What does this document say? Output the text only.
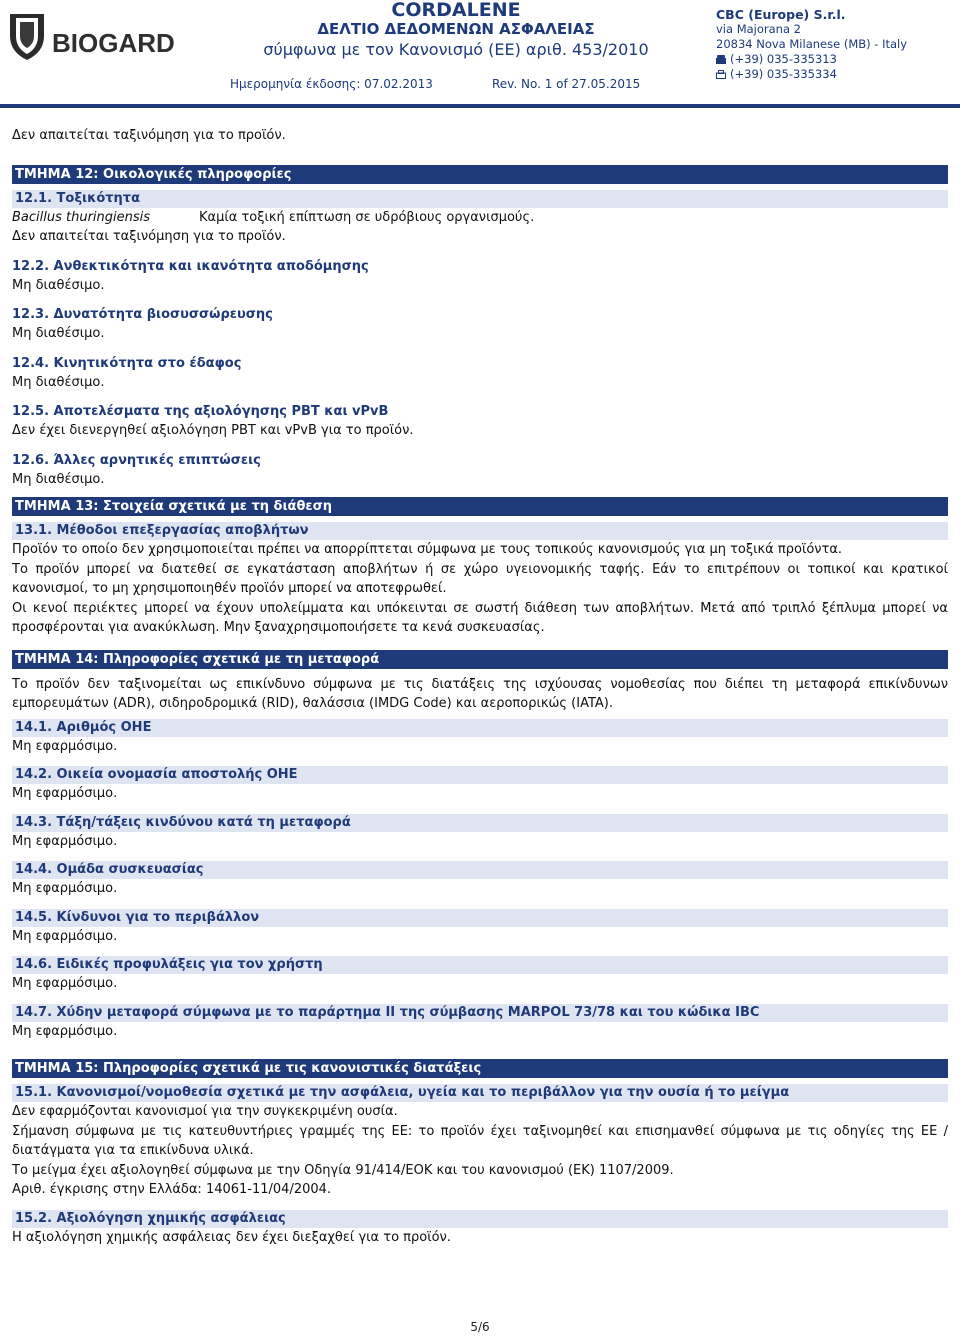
BIOGARD
CORDALENE
ΔΕΛΤΙΟ ΔΕΔΟΜΕΝΩΝ ΑΣΦΑΛΕΙΑΣ
σύμφωνα με τον Κανονισμό (ΕΕ) αριθ. 453/2010
CBC (Europe) S.r.l.
via Majorana 2
20834 Nova Milanese (MB) - Italy
(+39) 035-335313
(+39) 035-335334
Ημερομηνία έκδοσης: 07.02.2013	Rev. No. 1 of 27.05.2015

Δεν απαιτείται ταξινόμηση για το προϊόν.

ΤΜΗΜΑ 12: Οικολογικές πληροφορίες
12.1. Τοξικότητα
Bacillus thuringiensis	Καμία τοξική επίπτωση σε υδρόβιους οργανισμούς.

Δεν απαιτείται ταξινόμηση για το προϊόν.

12.2. Ανθεκτικότητα και ικανότητα αποδόμησης

Μη διαθέσιμο.

12.3. Δυνατότητα βιοσυσσώρευσης

Μη διαθέσιμο.

12.4. Κινητικότητα στο έδαφος

Μη διαθέσιμο.

12.5. Αποτελέσματα της αξιολόγησης PBT και vPvB

Δεν έχει διενεργηθεί αξιολόγηση PBT και vPvB για το προϊόν.

12.6. Άλλες αρνητικές επιπτώσεις

Μη διαθέσιμο.

ΤΜΗΜΑ 13: Στοιχεία σχετικά με τη διάθεση
13.1. Μέθοδοι επεξεργασίας αποβλήτων

Προϊόν το οποίο δεν χρησιμοποιείται πρέπει να απορρίπτεται σύμφωνα με τους τοπικούς κανονισμούς για μη τοξικά προϊόντα.

Το προϊόν μπορεί να διατεθεί σε εγκατάσταση αποβλήτων ή σε χώρο υγειονομικής ταφής. Εάν το επιτρέπουν οι τοπικοί και κρατικοί κανονισμοί, το μη χρησιμοποιηθέν προϊόν μπορεί να αποτεφρωθεί.

Οι κενοί περιέκτες μπορεί να έχουν υπολείμματα και υπόκεινται σε σωστή διάθεση των αποβλήτων. Μετά από τριπλό ξέπλυμα μπορεί να προσφέρονται για ανακύκλωση. Μην ξαναχρησιμοποιήσετε τα κενά συσκευασίας.

ΤΜΗΜΑ 14: Πληροφορίες σχετικά με τη μεταφορά

Το προϊόν δεν ταξινομείται ως επικίνδυνο σύμφωνα με τις διατάξεις της ισχύουσας νομοθεσίας που διέπει τη μεταφορά επικίνδυνων εμπορευμάτων (ADR), σιδηροδρομικά (RID), θαλάσσια (IMDG Code) και αεροπορικώς (IATA).

14.1. Αριθμός ΟΗΕ

Μη εφαρμόσιμο.

14.2. Οικεία ονομασία αποστολής ΟΗΕ

Μη εφαρμόσιμο.

14.3. Τάξη/τάξεις κινδύνου κατά τη μεταφορά

Μη εφαρμόσιμο.

14.4. Ομάδα συσκευασίας

Μη εφαρμόσιμο.

14.5. Κίνδυνοι για το περιβάλλον

Μη εφαρμόσιμο.

14.6. Ειδικές προφυλάξεις για τον χρήστη

Μη εφαρμόσιμο.

14.7. Χύδην μεταφορά σύμφωνα με το παράρτημα II της σύμβασης MARPOL 73/78 και του κώδικα IBC

Μη εφαρμόσιμο.

ΤΜΗΜΑ 15: Πληροφορίες σχετικά με τις κανονιστικές διατάξεις
15.1. Κανονισμοί/νομοθεσία σχετικά με την ασφάλεια, υγεία και το περιβάλλον για την ουσία ή το μείγμα

Δεν εφαρμόζονται κανονισμοί για την συγκεκριμένη ουσία.

Σήμανση σύμφωνα με τις κατευθυντήριες γραμμές της ΕΕ: το προϊόν έχει ταξινομηθεί και επισημανθεί σύμφωνα με τις οδηγίες της ΕΕ / διατάγματα για τα επικίνδυνα υλικά.

Το μείγμα έχει αξιολογηθεί σύμφωνα με την Οδηγία 91/414/ΕΟΚ και του κανονισμού (ΕΚ) 1107/2009.

Αριθ. έγκρισης στην Ελλάδα: 14061-11/04/2004.

15.2. Αξιολόγηση χημικής ασφάλειας

Η αξιολόγηση χημικής ασφάλειας δεν έχει διεξαχθεί για το προϊόν.

5/6
